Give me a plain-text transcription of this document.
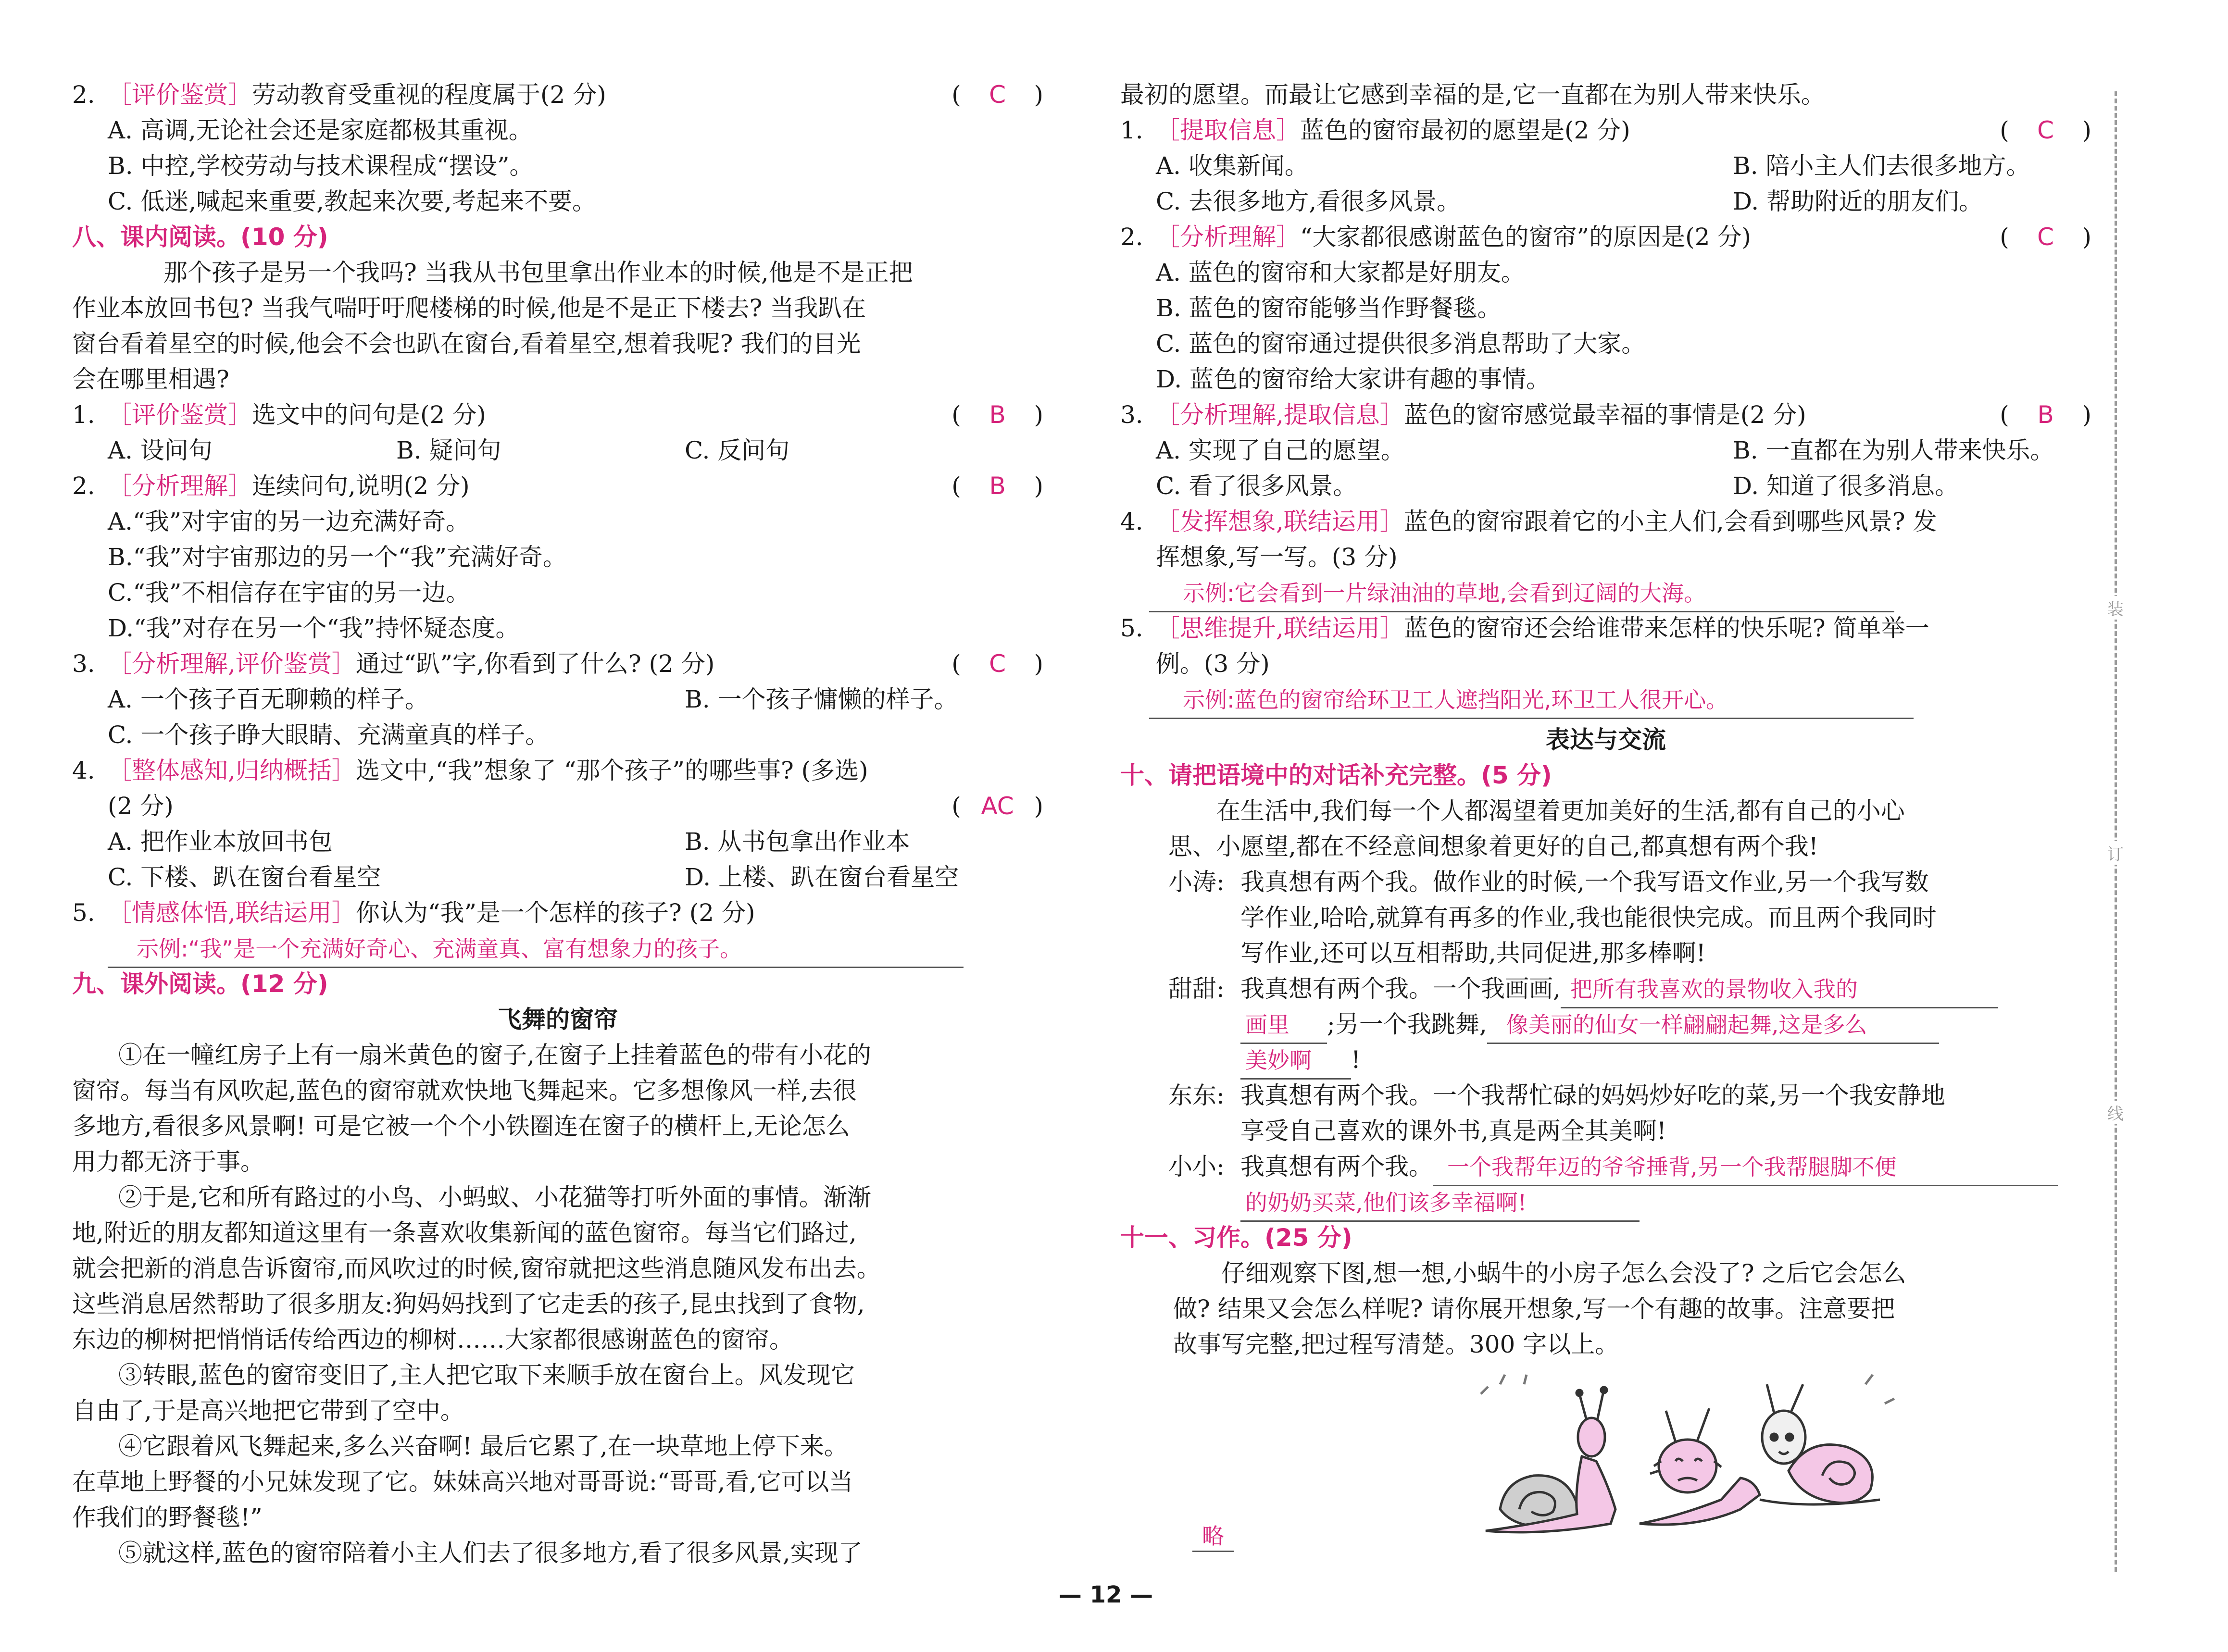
2. ［评价鉴赏］劳动教育受重视的程度属于(2 分)	( C )
A. 高调,无论社会还是家庭都极其重视。
B. 中控,学校劳动与技术课程成“摆设”。
C. 低迷,喊起来重要,教起来次要,考起来不要。
八、课内阅读。(10 分)
那个孩子是另一个我吗? 当我从书包里拿出作业本的时候,他是不是正把
作业本放回书包? 当我气喘吁吁爬楼梯的时候,他是不是正下楼去? 当我趴在
窗台看着星空的时候,他会不会也趴在窗台,看着星空,想着我呢? 我们的目光
会在哪里相遇?
1. ［评价鉴赏］选文中的问句是(2 分)	( B )
A. 设问句	B. 疑问句	C. 反问句
2. ［分析理解］连续问句,说明(2 分)	( B )
A.“我”对宇宙的另一边充满好奇。
B.“我”对宇宙那边的另一个“我”充满好奇。
C.“我”不相信存在宇宙的另一边。
D.“我”对存在另一个“我”持怀疑态度。
3. ［分析理解,评价鉴赏］通过“趴”字,你看到了什么? (2 分)	( C )
A. 一个孩子百无聊赖的样子。	B. 一个孩子慵懒的样子。
C. 一个孩子睁大眼睛、充满童真的样子。
4. ［整体感知,归纳概括］选文中,“我”想象了 “那个孩子”的哪些事? (多选)
(2 分)	( AC )
A. 把作业本放回书包	B. 从书包拿出作业本
C. 下楼、趴在窗台看星空	D. 上楼、趴在窗台看星空
5. ［情感体悟,联结运用］你认为“我”是一个怎样的孩子? (2 分)
示例:“我”是一个充满好奇心、充满童真、富有想象力的孩子。
九、课外阅读。(12 分)
飞舞的窗帘
①在一幢红房子上有一扇米黄色的窗子,在窗子上挂着蓝色的带有小花的
窗帘。每当有风吹起,蓝色的窗帘就欢快地飞舞起来。它多想像风一样,去很
多地方,看很多风景啊! 可是它被一个个小铁圈连在窗子的横杆上,无论怎么
用力都无济于事。
②于是,它和所有路过的小鸟、小蚂蚁、小花猫等打听外面的事情。渐渐
地,附近的朋友都知道这里有一条喜欢收集新闻的蓝色窗帘。每当它们路过,
就会把新的消息告诉窗帘,而风吹过的时候,窗帘就把这些消息随风发布出去。
这些消息居然帮助了很多朋友:狗妈妈找到了它走丢的孩子,昆虫找到了食物,
东边的柳树把悄悄话传给西边的柳树……大家都很感谢蓝色的窗帘。
③转眼,蓝色的窗帘变旧了,主人把它取下来顺手放在窗台上。风发现它
自由了,于是高兴地把它带到了空中。
④它跟着风飞舞起来,多么兴奋啊! 最后它累了,在一块草地上停下来。
在草地上野餐的小兄妹发现了它。妹妹高兴地对哥哥说:“哥哥,看,它可以当
作我们的野餐毯!”
⑤就这样,蓝色的窗帘陪着小主人们去了很多地方,看了很多风景,实现了
最初的愿望。而最让它感到幸福的是,它一直都在为别人带来快乐。
1. ［提取信息］蓝色的窗帘最初的愿望是(2 分)	( C )
A. 收集新闻。	B. 陪小主人们去很多地方。
C. 去很多地方,看很多风景。	D. 帮助附近的朋友们。
2. ［分析理解］“大家都很感谢蓝色的窗帘”的原因是(2 分)	( C )
A. 蓝色的窗帘和大家都是好朋友。
B. 蓝色的窗帘能够当作野餐毯。
C. 蓝色的窗帘通过提供很多消息帮助了大家。
D. 蓝色的窗帘给大家讲有趣的事情。
3. ［分析理解,提取信息］蓝色的窗帘感觉最幸福的事情是(2 分)	( B )
A. 实现了自己的愿望。	B. 一直都在为别人带来快乐。
C. 看了很多风景。	D. 知道了很多消息。
4. ［发挥想象,联结运用］蓝色的窗帘跟着它的小主人们,会看到哪些风景? 发
挥想象,写一写。(3 分)
示例:它会看到一片绿油油的草地,会看到辽阔的大海。
5. ［思维提升,联结运用］蓝色的窗帘还会给谁带来怎样的快乐呢? 简单举一
例。(3 分)
示例:蓝色的窗帘给环卫工人遮挡阳光,环卫工人很开心。
表达与交流
十、请把语境中的对话补充完整。(5 分)
在生活中,我们每一个人都渴望着更加美好的生活,都有自己的小心
思、小愿望,都在不经意间想象着更好的自己,都真想有两个我!
小涛: 我真想有两个我。做作业的时候,一个我写语文作业,另一个我写数
学作业,哈哈,就算有再多的作业,我也能很快完成。而且两个我同时
写作业,还可以互相帮助,共同促进,那多棒啊!
甜甜: 我真想有两个我。一个我画画, 把所有我喜欢的景物收入我的
画里 ;另一个我跳舞, 像美丽的仙女一样翩翩起舞,这是多么
美妙啊 !
东东: 我真想有两个我。一个我帮忙碌的妈妈炒好吃的菜,另一个我安静地
享受自己喜欢的课外书,真是两全其美啊!
小小: 我真想有两个我。 一个我帮年迈的爷爷捶背,另一个我帮腿脚不便
的奶奶买菜,他们该多幸福啊!
十一、习作。(25 分)
仔细观察下图,想一想,小蜗牛的小房子怎么会没了? 之后它会怎么
做? 结果又会怎么样呢? 请你展开想象,写一个有趣的故事。注意要把
故事写完整,把过程写清楚。300 字以上。
略
装
订
线
— 12 —
